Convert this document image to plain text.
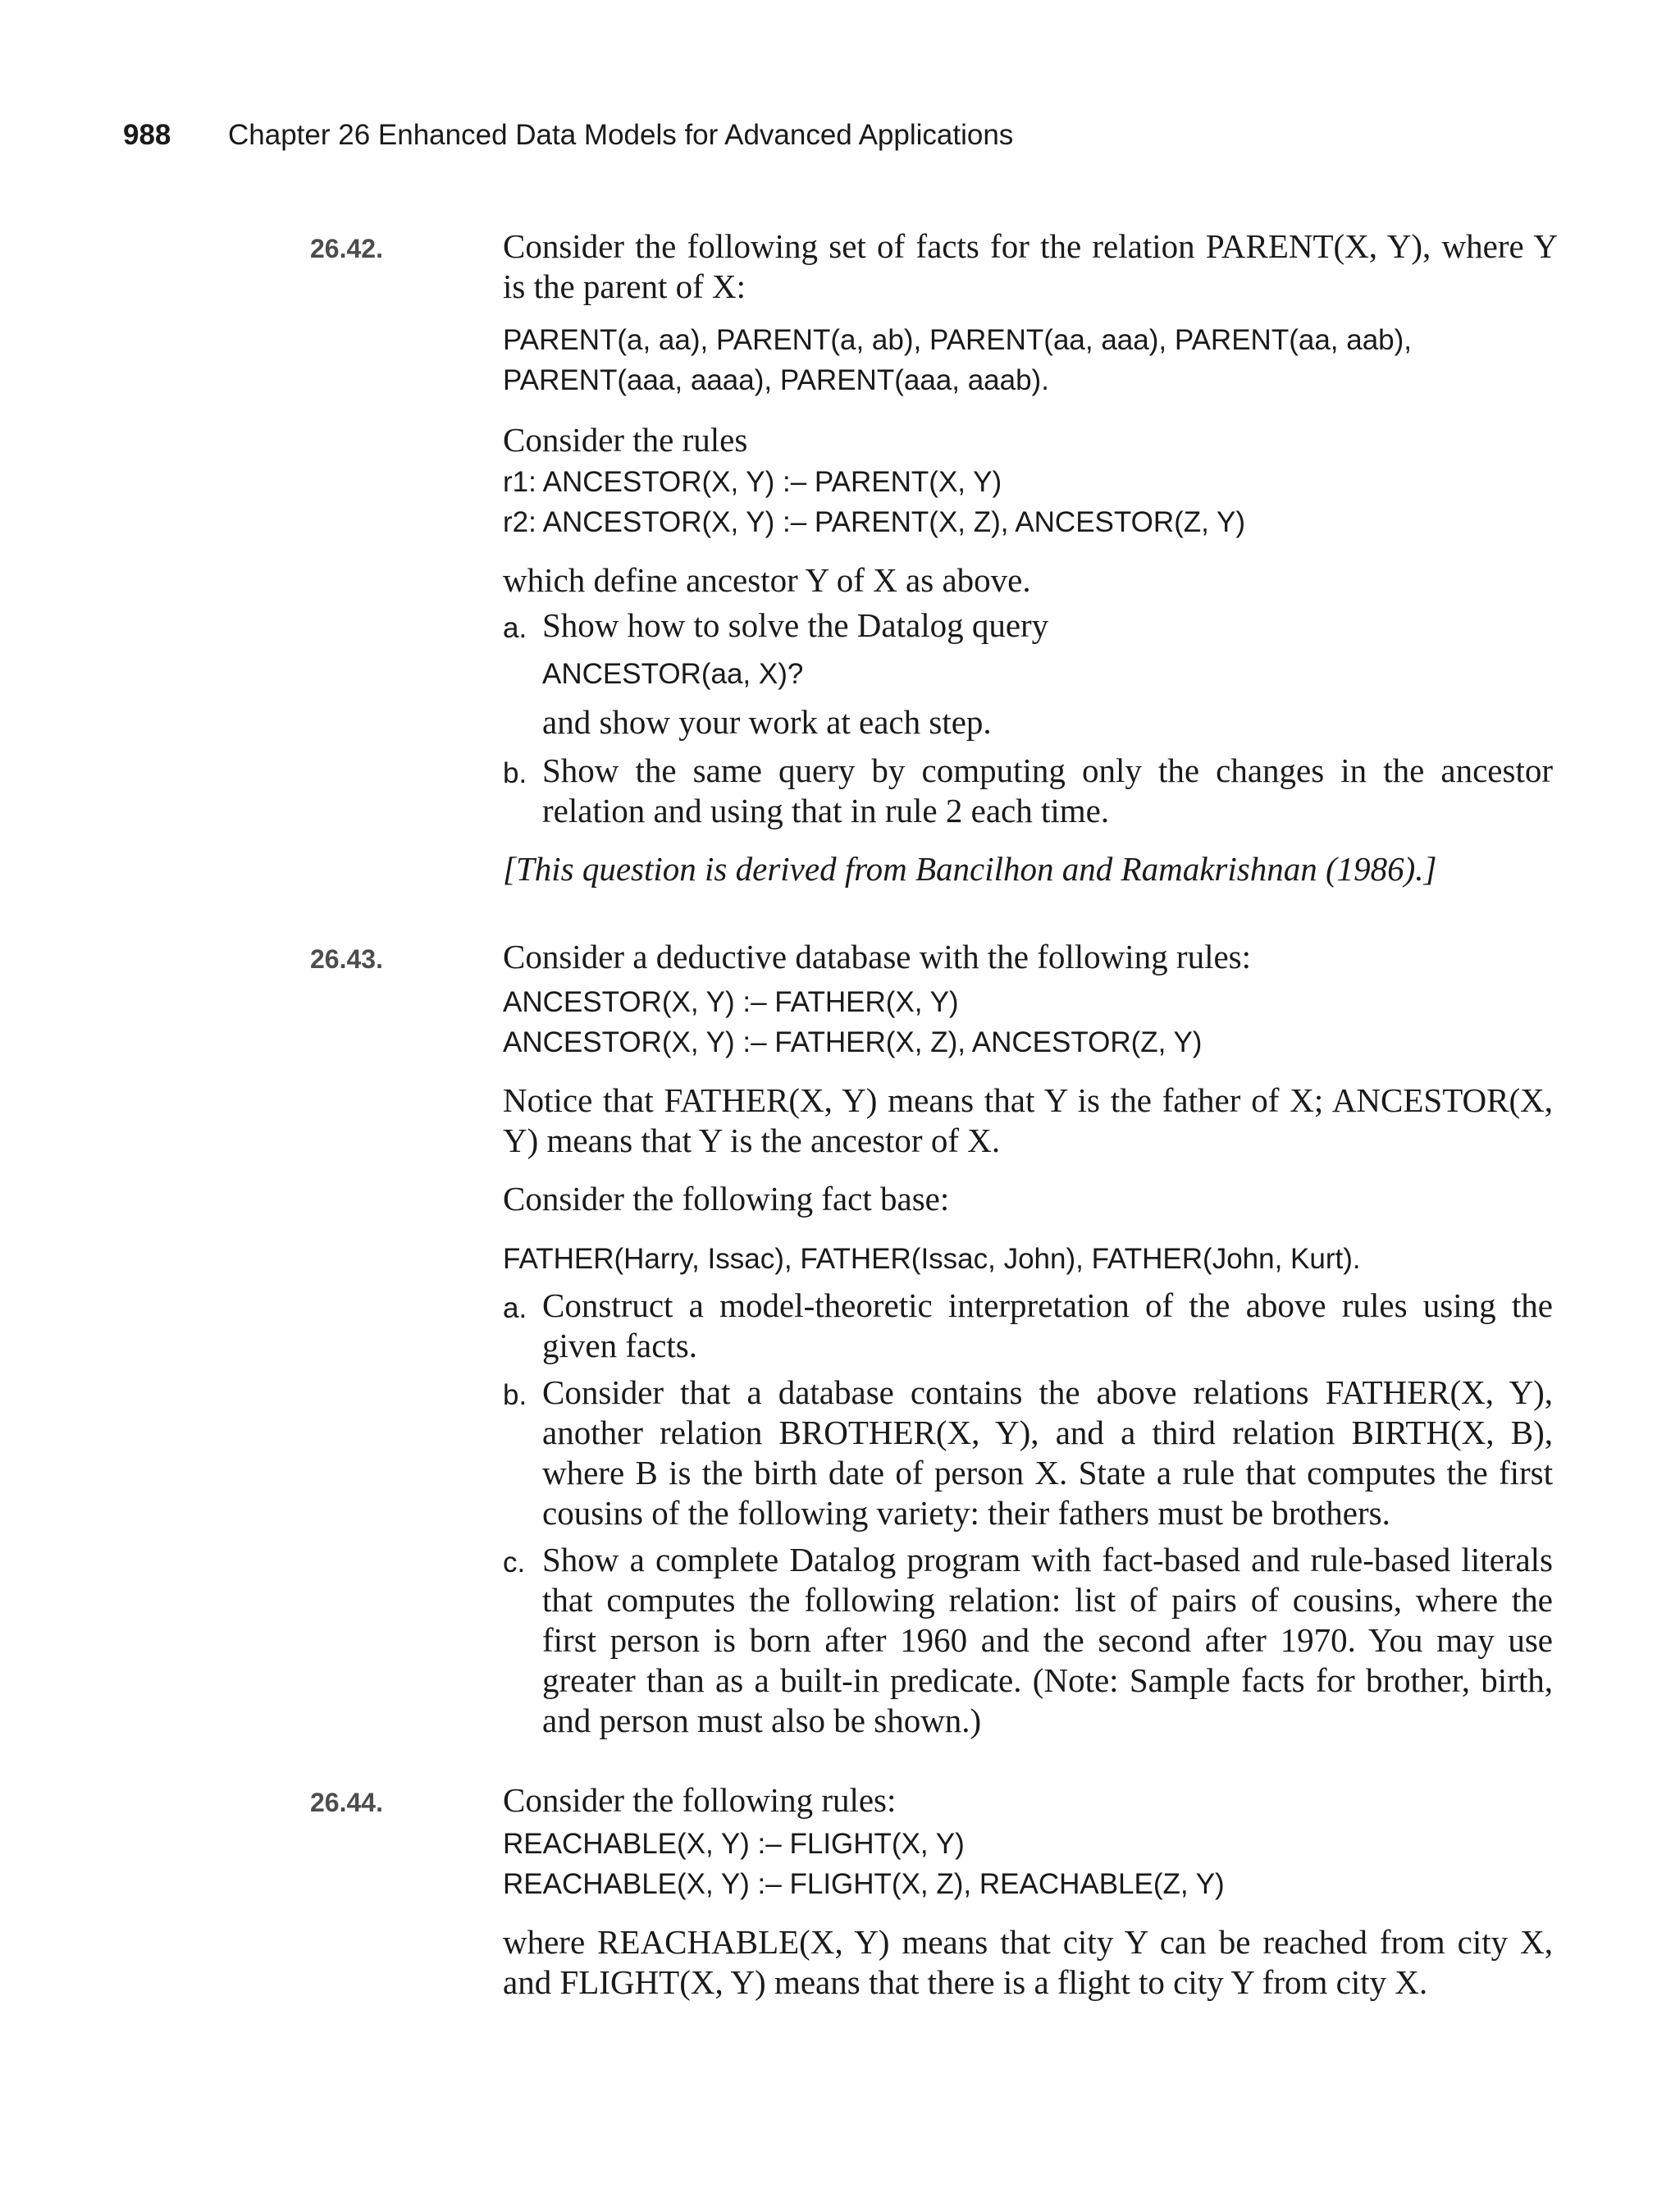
988 Chapter 26 Enhanced Data Models for Advanced Applications
26.42.	Consider the following set of facts for the relation PARENT(X, Y), where Y is the parent of X:
PARENT(a, aa), PARENT(a, ab), PARENT(aa, aaa), PARENT(aa, aab),
PARENT(aaa, aaaa), PARENT(aaa, aaab).
Consider the rules
r1: ANCESTOR(X, Y) :– PARENT(X, Y)
r2: ANCESTOR(X, Y) :– PARENT(X, Z), ANCESTOR(Z, Y)
which define ancestor Y of X as above.
a. Show how to solve the Datalog query
ANCESTOR(aa, X)?
and show your work at each step.
b. Show the same query by computing only the changes in the ancestor relation and using that in rule 2 each time.
[This question is derived from Bancilhon and Ramakrishnan (1986).]
26.43.	Consider a deductive database with the following rules:
ANCESTOR(X, Y) :– FATHER(X, Y)
ANCESTOR(X, Y) :– FATHER(X, Z), ANCESTOR(Z, Y)
Notice that FATHER(X, Y) means that Y is the father of X; ANCESTOR(X, Y) means that Y is the ancestor of X.
Consider the following fact base:
FATHER(Harry, Issac), FATHER(Issac, John), FATHER(John, Kurt).
a. Construct a model-theoretic interpretation of the above rules using the given facts.
b. Consider that a database contains the above relations FATHER(X, Y), another relation BROTHER(X, Y), and a third relation BIRTH(X, B), where B is the birth date of person X. State a rule that computes the first cousins of the following variety: their fathers must be brothers.
c. Show a complete Datalog program with fact-based and rule-based literals that computes the following relation: list of pairs of cousins, where the first person is born after 1960 and the second after 1970. You may use greater than as a built-in predicate. (Note: Sample facts for brother, birth, and person must also be shown.)
26.44.	Consider the following rules:
REACHABLE(X, Y) :– FLIGHT(X, Y)
REACHABLE(X, Y) :– FLIGHT(X, Z), REACHABLE(Z, Y)
where REACHABLE(X, Y) means that city Y can be reached from city X, and FLIGHT(X, Y) means that there is a flight to city Y from city X.
